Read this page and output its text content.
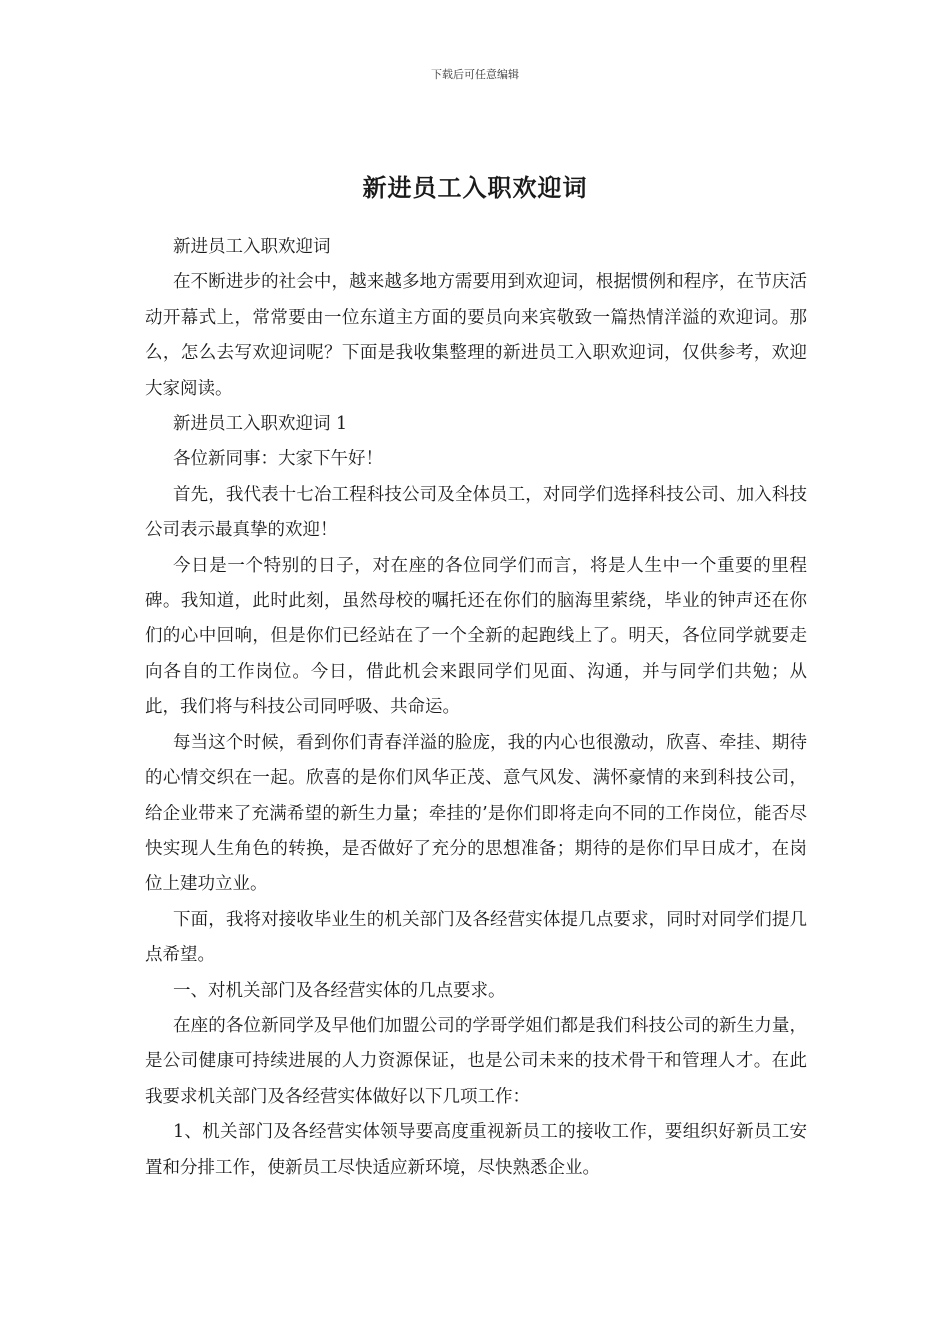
下载后可任意编辑
新进员工入职欢迎词

新进员工入职欢迎词

在不断进步的社会中，越来越多地方需要用到欢迎词，根据惯例和程序，在节庆活动开幕式上，常常要由一位东道主方面的要员向来宾敬致一篇热情洋溢的欢迎词。那么，怎么去写欢迎词呢？下面是我收集整理的新进员工入职欢迎词，仅供参考，欢迎大家阅读。

新进员工入职欢迎词 1

各位新同事：大家下午好！

首先，我代表十七冶工程科技公司及全体员工，对同学们选择科技公司、加入科技公司表示最真挚的欢迎！

今日是一个特别的日子，对在座的各位同学们而言，将是人生中一个重要的里程碑。我知道，此时此刻，虽然母校的嘱托还在你们的脑海里萦绕，毕业的钟声还在你们的心中回响，但是你们已经站在了一个全新的起跑线上了。明天，各位同学就要走向各自的工作岗位。今日，借此机会来跟同学们见面、沟通，并与同学们共勉；从此，我们将与科技公司同呼吸、共命运。

每当这个时候，看到你们青春洋溢的脸庞，我的内心也很激动，欣喜、牵挂、期待的心情交织在一起。欣喜的是你们风华正茂、意气风发、满怀豪情的来到科技公司，给企业带来了充满希望的新生力量；牵挂的’是你们即将走向不同的工作岗位，能否尽快实现人生角色的转换，是否做好了充分的思想准备；期待的是你们早日成才，在岗位上建功立业。

下面，我将对接收毕业生的机关部门及各经营实体提几点要求，同时对同学们提几点希望。

一、对机关部门及各经营实体的几点要求。

在座的各位新同学及早他们加盟公司的学哥学姐们都是我们科技公司的新生力量，是公司健康可持续进展的人力资源保证，也是公司未来的技术骨干和管理人才。在此我要求机关部门及各经营实体做好以下几项工作：

1、机关部门及各经营实体领导要高度重视新员工的接收工作，要组织好新员工安置和分排工作，使新员工尽快适应新环境，尽快熟悉企业。
